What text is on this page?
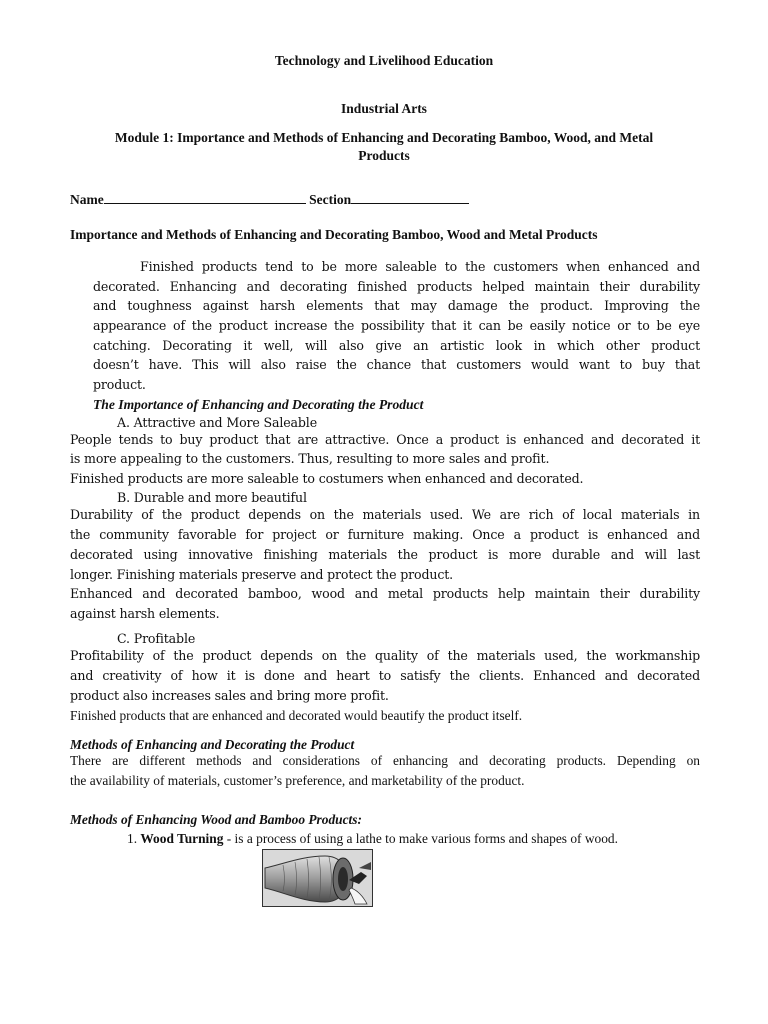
Technology and Livelihood Education
Industrial Arts
Module 1: Importance and Methods of Enhancing and Decorating Bamboo, Wood, and Metal
Products
Name	Section
Importance and Methods of Enhancing and Decorating Bamboo, Wood and Metal Products
Finished products tend to be more saleable to the customers when enhanced and
decorated. Enhancing and decorating finished products helped maintain their durability
and toughness against harsh elements that may damage the product. Improving the
appearance of the product increase the possibility that it can be easily notice or to be eye
catching. Decorating it well, will also give an artistic look in which other product
doesn’t have. This will also raise the chance that customers would want to buy that
product.
The Importance of Enhancing and Decorating the Product
A. Attractive and More Saleable
People tends to buy product that are attractive. Once a product is enhanced and decorated it
is more appealing to the customers. Thus, resulting to more sales and profit.
Finished products are more saleable to costumers when enhanced and decorated.
B. Durable and more beautiful
Durability of the product depends on the materials used. We are rich of local materials in
the community favorable for project or furniture making. Once a product is enhanced and
decorated using innovative finishing materials the product is more durable and will last
longer. Finishing materials preserve and protect the product.
Enhanced and decorated bamboo, wood and metal products help maintain their durability
against harsh elements.
C. Profitable
Profitability of the product depends on the quality of the materials used, the workmanship
and creativity of how it is done and heart to satisfy the clients. Enhanced and decorated
product also increases sales and bring more profit.
Finished products that are enhanced and decorated would beautify the product itself.
Methods of Enhancing and Decorating the Product
There are different methods and considerations of enhancing and decorating products. Depending on
the availability of materials, customer’s preference, and marketability of the product.
Methods of Enhancing Wood and Bamboo Products:
1. Wood Turning - is a process of using a lathe to make various forms and shapes of wood.
